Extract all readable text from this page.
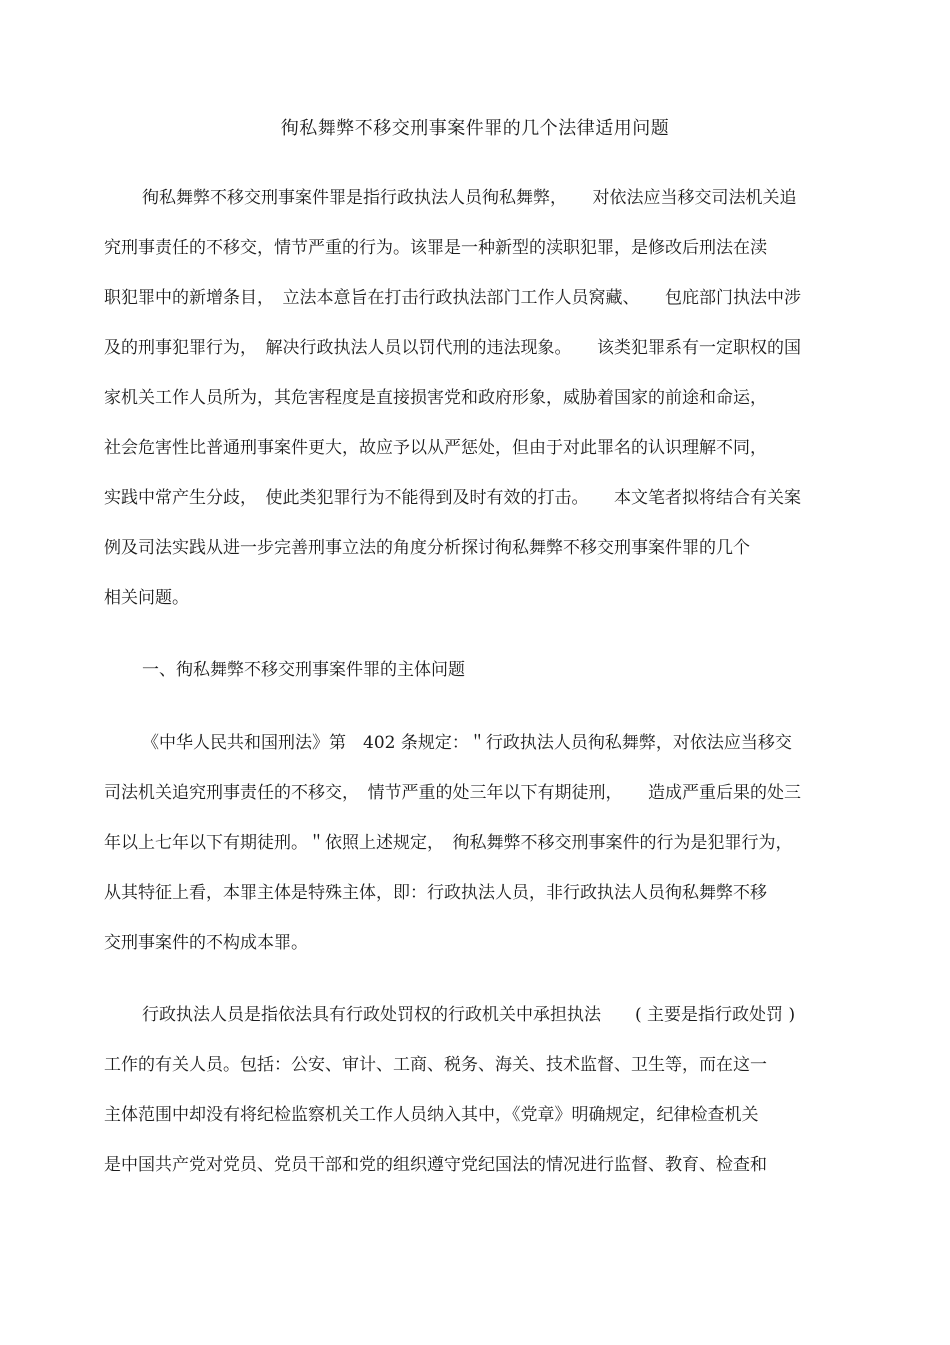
徇私舞弊不移交刑事案件罪的几个法律适用问题
徇私舞弊不移交刑事案件罪是指行政执法人员徇私舞弊，　　对依法应当移交司法机关追
究刑事责任的不移交，情节严重的行为。该罪是一种新型的渎职犯罪，是修改后刑法在渎
职犯罪中的新增条目，　立法本意旨在打击行政执法部门工作人员窝藏、　　包庇部门执法中涉
及的刑事犯罪行为，　解决行政执法人员以罚代刑的违法现象。　　该类犯罪系有一定职权的国
家机关工作人员所为，其危害程度是直接损害党和政府形象，威胁着国家的前途和命运，
社会危害性比普通刑事案件更大，故应予以从严惩处，但由于对此罪名的认识理解不同，
实践中常产生分歧，　使此类犯罪行为不能得到及时有效的打击。　　本文笔者拟将结合有关案
例及司法实践从进一步完善刑事立法的角度分析探讨徇私舞弊不移交刑事案件罪的几个
相关问题。
一、徇私舞弊不移交刑事案件罪的主体问题
《中华人民共和国刑法》第　402 条规定：＂行政执法人员徇私舞弊，对依法应当移交
司法机关追究刑事责任的不移交，　情节严重的处三年以下有期徒刑，　　造成严重后果的处三
年以上七年以下有期徒刑。＂依照上述规定，　徇私舞弊不移交刑事案件的行为是犯罪行为，
从其特征上看，本罪主体是特殊主体，即：行政执法人员，非行政执法人员徇私舞弊不移
交刑事案件的不构成本罪。
行政执法人员是指依法具有行政处罚权的行政机关中承担执法　　( 主要是指行政处罚 )
工作的有关人员。包括：公安、审计、工商、税务、海关、技术监督、卫生等，而在这一
主体范围中却没有将纪检监察机关工作人员纳入其中，《党章》明确规定，纪律检查机关
是中国共产党对党员、党员干部和党的组织遵守党纪国法的情况进行监督、教育、检查和
